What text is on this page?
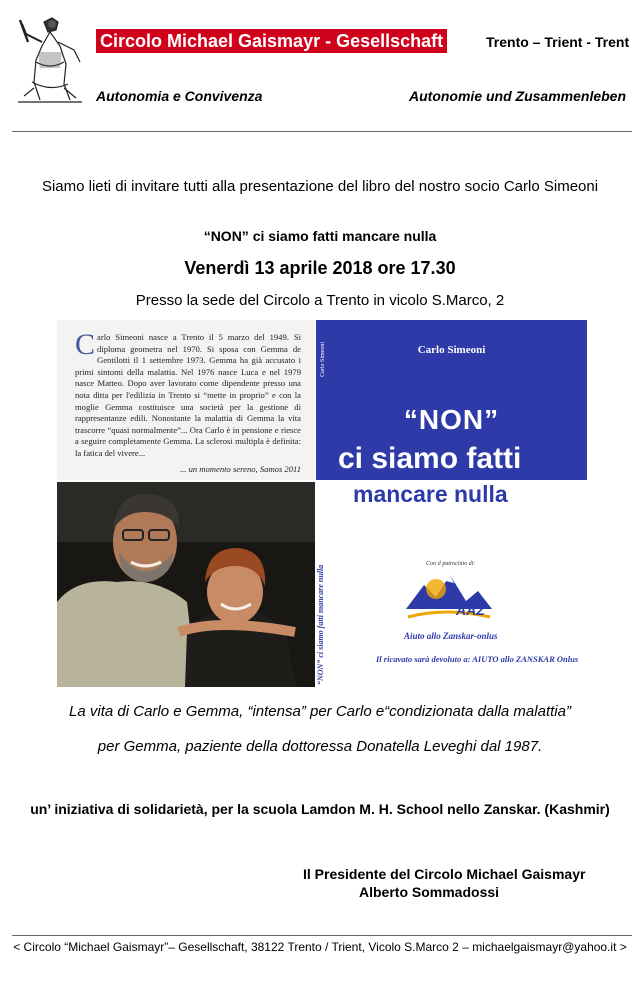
Circolo Michael Gaismayr - Gesellschaft	Trento – Trient - Trent
Autonomia e Convivenza	Autonomie und Zusammenleben
Siamo lieti di invitare tutti alla presentazione del libro del nostro socio Carlo Simeoni
“NON” ci siamo fatti mancare nulla
Venerdì 13 aprile 2018 ore 17.30
Presso la sede del Circolo a Trento in vicolo S.Marco, 2
C arlo Simeoni nasce a Trento il 5 marzo del 1949. Si diploma geometra nel 1970. Si sposa con Gemma de Gentilotti il 1 settembre 1973. Gemma ha già accusato i primi sintomi della malattia. Nel 1976 nasce Luca e nel 1979 nasce Matteo. Dopo aver lavorato come dipendente presso una nota ditta per l'edilizia in Trento si “mette in proprio” e con la moglie Gemma costituisce una società per la gestione di rappresentanze edili. Nonostante la malattia di Gemma la vita trascorre “quasi normalmente”... Ora Carlo è in pensione e riesce a seguire completamente Gemma. La sclerosi multipla è definita: la fatica del vivere...
... un momento sereno, Samos 2011
Carlo Simeoni	Carlo Simeoni
“NON”
ci siamo fatti
mancare nulla
“NON” ci siamo fatti mancare nulla
Con il patrocinio di:
AAZ
Aiuto allo Zanskar-onlus
Il ricavato sarà devoluto a: AIUTO allo ZANSKAR Onlus
La vita di Carlo e Gemma, “intensa” per Carlo e“condizionata dalla malattia”
per Gemma, paziente della dottoressa Donatella Leveghi dal 1987.
un’ iniziativa di solidarietà, per la scuola Lamdon M. H. School nello Zanskar. (Kashmir)
Il Presidente del Circolo Michael Gaismayr
Alberto Sommadossi
< Circolo “Michael Gaismayr”– Gesellschaft, 38122 Trento / Trient, Vicolo S.Marco 2 – michaelgaismayr@yahoo.it >
